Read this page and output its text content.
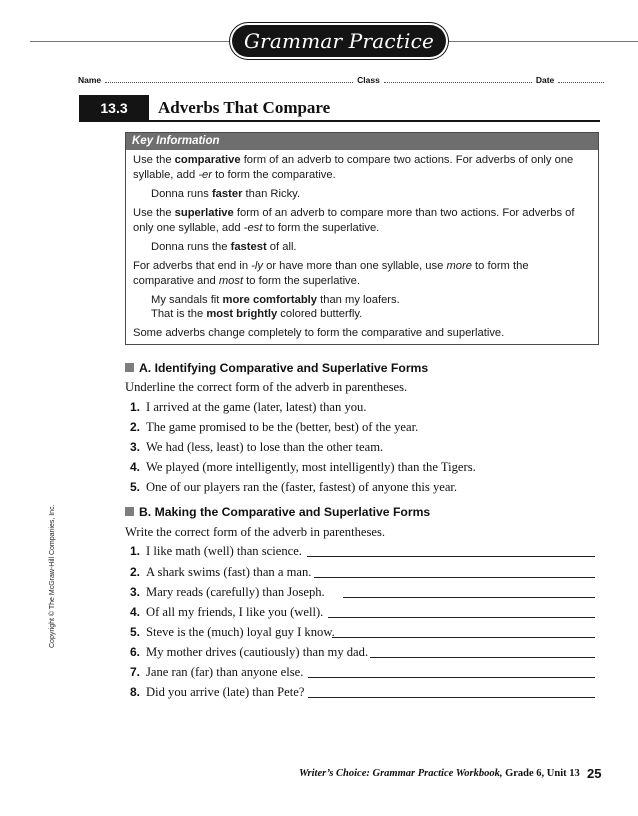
Grammar Practice
Name	Class	Date
13.3	Adverbs That Compare
Key Information

Use the comparative form of an adverb to compare two actions. For adverbs of only one syllable, add -er to form the comparative.

Donna runs faster than Ricky.

Use the superlative form of an adverb to compare more than two actions. For adverbs of only one syllable, add -est to form the superlative.

Donna runs the fastest of all.

For adverbs that end in -ly or have more than one syllable, use more to form the comparative and most to form the superlative.

My sandals fit more comfortably than my loafers.

That is the most brightly colored butterfly.

Some adverbs change completely to form the comparative and superlative.

A. Identifying Comparative and Superlative Forms
Underline the correct form of the adverb in parentheses.
1. I arrived at the game (later, latest) than you.
2. The game promised to be the (better, best) of the year.
3. We had (less, least) to lose than the other team.
4. We played (more intelligently, most intelligently) than the Tigers.
5. One of our players ran the (faster, fastest) of anyone this year.
B. Making the Comparative and Superlative Forms
Write the correct form of the adverb in parentheses.
1. I like math (well) than science.
2. A shark swims (fast) than a man.
3. Mary reads (carefully) than Joseph.
4. Of all my friends, I like you (well).
5. Steve is the (much) loyal guy I know.
6. My mother drives (cautiously) than my dad.
7. Jane ran (far) than anyone else.
8. Did you arrive (late) than Pete?
Copyright © The McGraw-Hill Companies, Inc.
Writer’s Choice: Grammar Practice Workbook, Grade 6, Unit 13 25
